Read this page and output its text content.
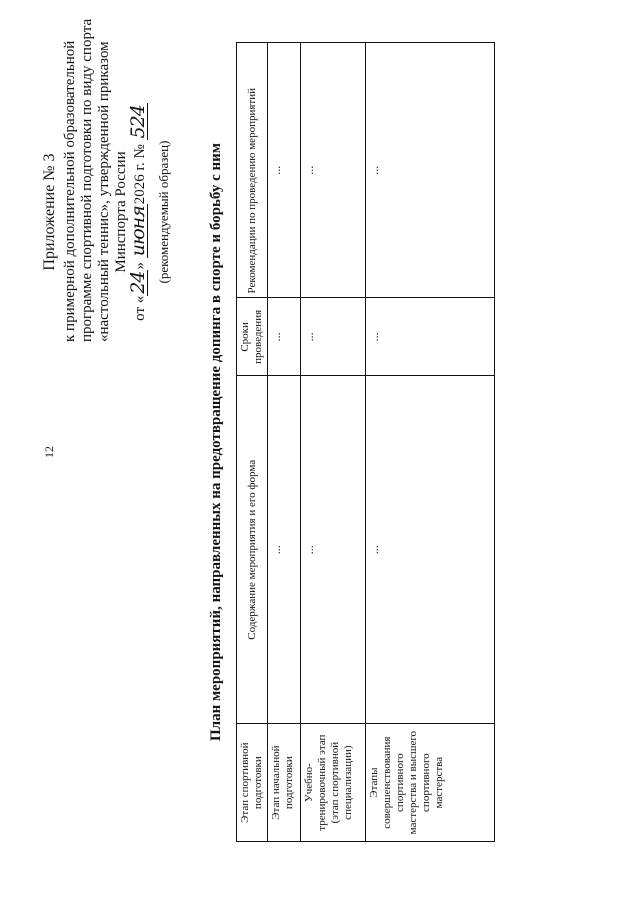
12
Приложение № 3 к примерной дополнительной образовательной программе спортивной подготовки по виду спорта «настольный теннис», утвержденной приказом Минспорта России
от «24» июня2026 г. № 524
(рекомендуемый образец) План мероприятий, направленных на предотвращение допинга в спорте и борьбу с ним
Этап спортивной подготовки	Содержание мероприятия и его форма	Сроки проведения	Рекомендации по проведению мероприятий
Этап начальной подготовки	...	...	...
Учебно-тренировочный этап (этап спортивной специализации)	...	...	...
Этапы совершенствования спортивного мастерства и высшего спортивного мастерства	...	...	...
